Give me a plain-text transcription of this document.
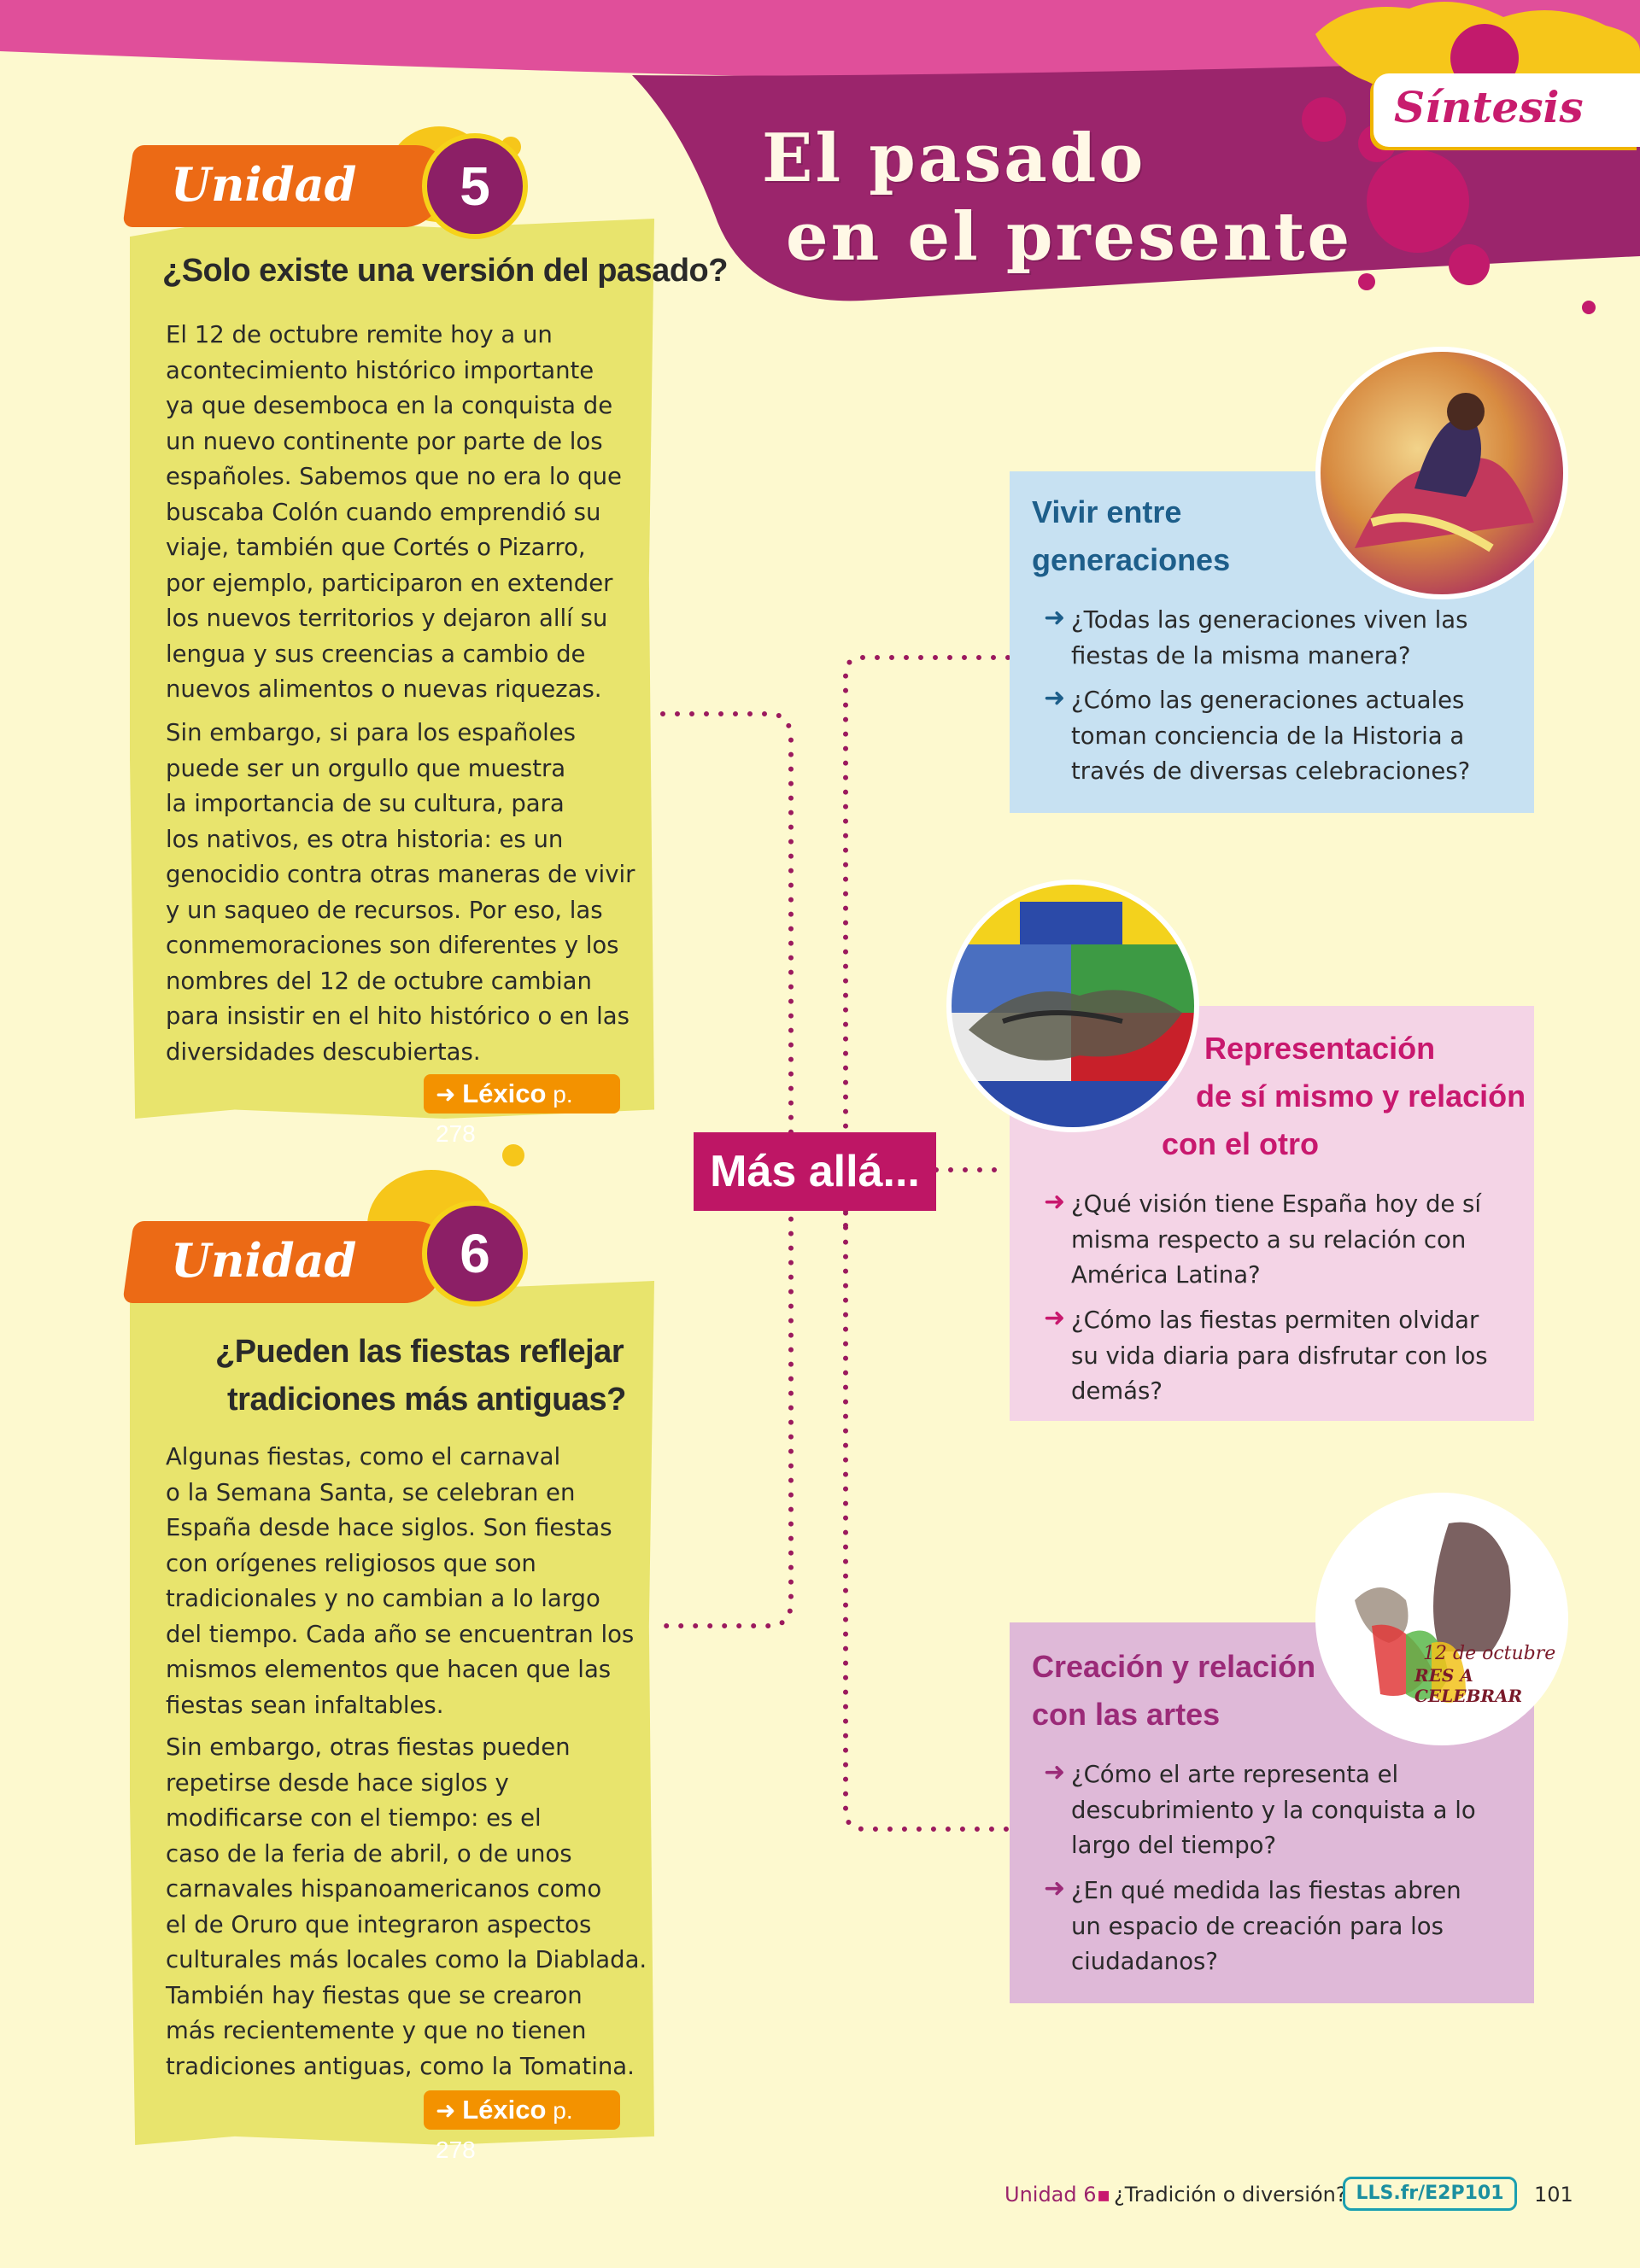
El pasado
en el presente
Síntesis
Unidad	5
¿Solo existe una versión del pasado?
El 12 de octubre remite hoy a un
acontecimiento histórico importante
ya que desemboca en la conquista de
un nuevo continente por parte de los
españoles. Sabemos que no era lo que
buscaba Colón cuando emprendió su
viaje, también que Cortés o Pizarro,
por ejemplo, participaron en extender
los nuevos territorios y dejaron allí su
lengua y sus creencias a cambio de
nuevos alimentos o nuevas riquezas.
Sin embargo, si para los españoles
puede ser un orgullo que muestra
la importancia de su cultura, para
los nativos, es otra historia: es un
genocidio contra otras maneras de vivir
y un saqueo de recursos. Por eso, las
conmemoraciones son diferentes y los
nombres del 12 de octubre cambian
para insistir en el hito histórico o en las
diversidades descubiertas.
➜ Léxico p. 278
Unidad	6
¿Pueden las fiestas reflejar
tradiciones más antiguas?
Algunas fiestas, como el carnaval
o la Semana Santa, se celebran en
España desde hace siglos. Son fiestas
con orígenes religiosos que son
tradicionales y no cambian a lo largo
del tiempo. Cada año se encuentran los
mismos elementos que hacen que las
fiestas sean infaltables.
Sin embargo, otras fiestas pueden
repetirse desde hace siglos y
modificarse con el tiempo: es el
caso de la feria de abril, o de unos
carnavales hispanoamericanos como
el de Oruro que integraron aspectos
culturales más locales como la Diablada.
También hay fiestas que se crearon
más recientemente y que no tienen
tradiciones antiguas, como la Tomatina.
➜ Léxico p. 278
Más allá...
Vivir entre
generaciones
➜ ¿Todas las generaciones viven las
fiestas de la misma manera?
➜ ¿Cómo las generaciones actuales
toman conciencia de la Historia a
través de diversas celebraciones?
Representación
de sí mismo y relación
con el otro
➜ ¿Qué visión tiene España hoy de sí
misma respecto a su relación con
América Latina?
➜ ¿Cómo las fiestas permiten olvidar
su vida diaria para disfrutar con los
demás?
12 de octubre
RES A CELEBRAR
Creación y relación
con las artes
➜ ¿Cómo el arte representa el
descubrimiento y la conquista a lo
largo del tiempo?
➜ ¿En qué medida las fiestas abren
un espacio de creación para los
ciudadanos?
Unidad 6 ▪ ¿Tradición o diversión? LLS.fr/E2P101	101
